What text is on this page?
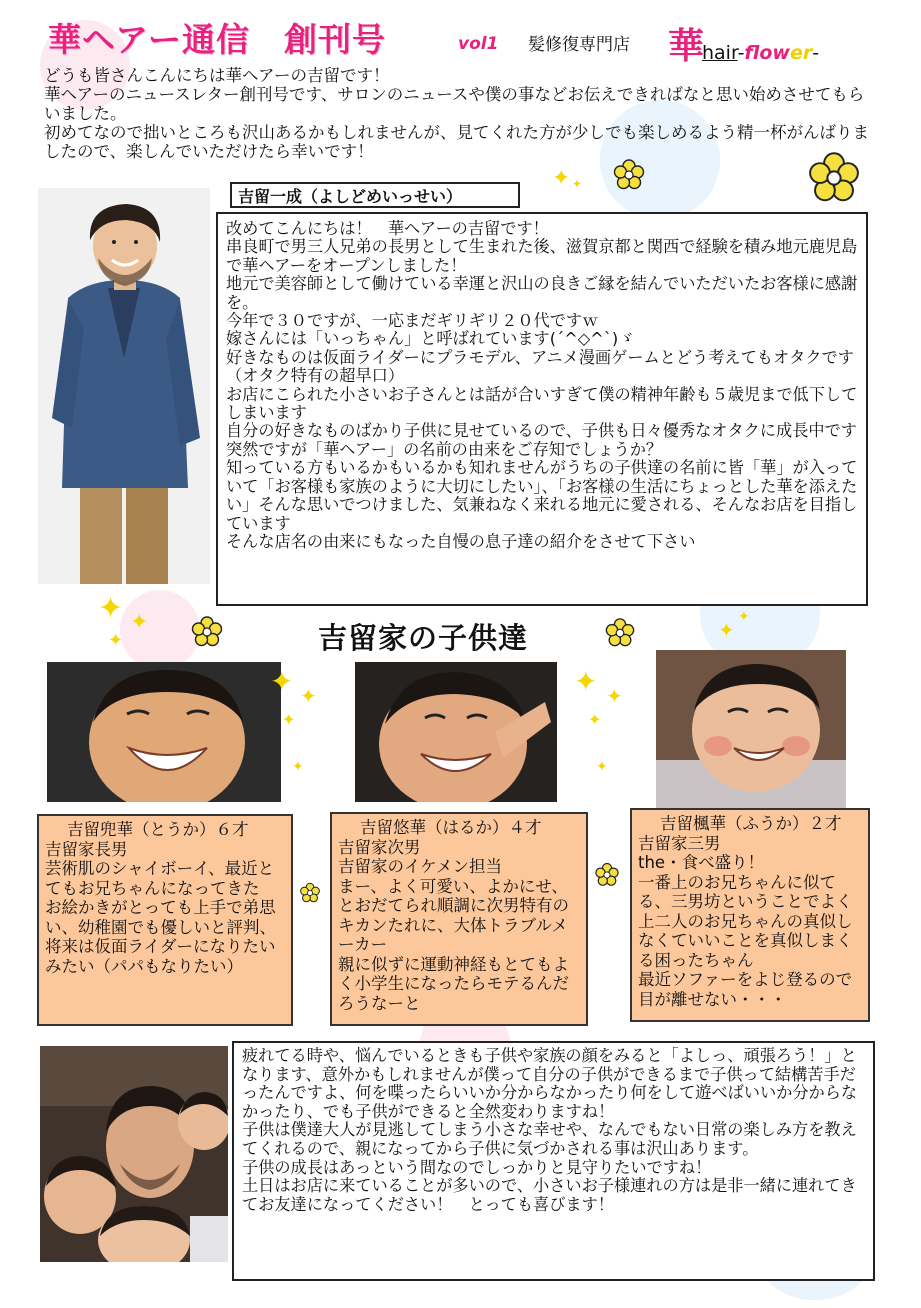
華ヘアー通信　創刊号	vol1 髪修復専門店 華
hair-flower-

どうも皆さんこんにちは華ヘアーの吉留です！

華ヘアーのニュースレター創刊号です、サロンのニュースや僕の事などお伝えできればなと思い始めさせてもらいました。

初めてなので拙いところも沢山あるかもしれませんが、見てくれた方が少しでも楽しめるよう精一杯がんばりましたので、楽しんでいただけたら幸いです！

✦ ✦
吉留一成（よしどめいっせい）

改めてこんにちは！　華ヘアーの吉留です！

串良町で男三人兄弟の長男として生まれた後、滋賀京都と関西で経験を積み地元鹿児島で華ヘアーをオープンしました！

地元で美容師として働けている幸運と沢山の良きご縁を結んでいただいたお客様に感謝を。

今年で３０ですが、一応まだギリギリ２０代ですｗ

嫁さんには「いっちゃん」と呼ばれています(ˊ^◇^ˋ)ゞ

好きなものは仮面ライダーにプラモデル、アニメ漫画ゲームとどう考えてもオタクです（オタク特有の超早口）

お店にこられた小さいお子さんとは話が合いすぎて僕の精神年齢も５歳児まで低下してしまいます

自分の好きなものばかり子供に見せているので、子供も日々優秀なオタクに成長中です

突然ですが「華ヘアー」の名前の由来をご存知でしょうか？

知っている方もいるかもいるかも知れませんがうちの子供達の名前に皆「華」が入っていて「お客様も家族のように大切にしたい」、「お客様の生活にちょっとした華を添えたい」そんな思いでつけました、気兼ねなく来れる地元に愛される、そんなお店を目指しています

そんな店名の由来にもなった自慢の息子達の紹介をさせて下さい

✦ ✦
✦	吉留家の子供達	✦
✦
✦ ✦
✦
✦
✦ ✦
✦
✦

吉留兜華（とうか）６才

吉留家長男

芸術肌のシャイボーイ、最近とてもお兄ちゃんになってきた

お絵かきがとっても上手で弟思い、幼稚園でも優しいと評判、将来は仮面ライダーになりたいみたい（パパもなりたい）

吉留悠華（はるか）４才

吉留家次男

吉留家のイケメン担当

まー、よく可愛い、よかにせ、とおだてられ順調に次男特有のキカンたれに、大体トラブルメーカー

親に似ずに運動神経もとてもよく小学生になったらモテるんだろうなーと

吉留楓華（ふうか）２才

吉留家三男

the・食べ盛り！

一番上のお兄ちゃんに似てる、三男坊ということでよく上二人のお兄ちゃんの真似しなくていいことを真似しまくる困ったちゃん

最近ソファーをよじ登るので目が離せない・・・

疲れてる時や、悩んでいるときも子供や家族の顔をみると「よしっ、頑張ろう！」となります、意外かもしれませんが僕って自分の子供ができるまで子供って結構苦手だったんですよ、何を喋ったらいいか分からなかったり何をして遊べばいいか分からなかったり、でも子供ができると全然変わりますね！

子供は僕達大人が見逃してしまう小さな幸せや、なんでもない日常の楽しみ方を教えてくれるので、親になってから子供に気づかされる事は沢山あります。

子供の成長はあっという間なのでしっかりと見守りたいですね！

土日はお店に来ていることが多いので、小さいお子様連れの方は是非一緒に連れてきてお友達になってください！　とっても喜びます！
